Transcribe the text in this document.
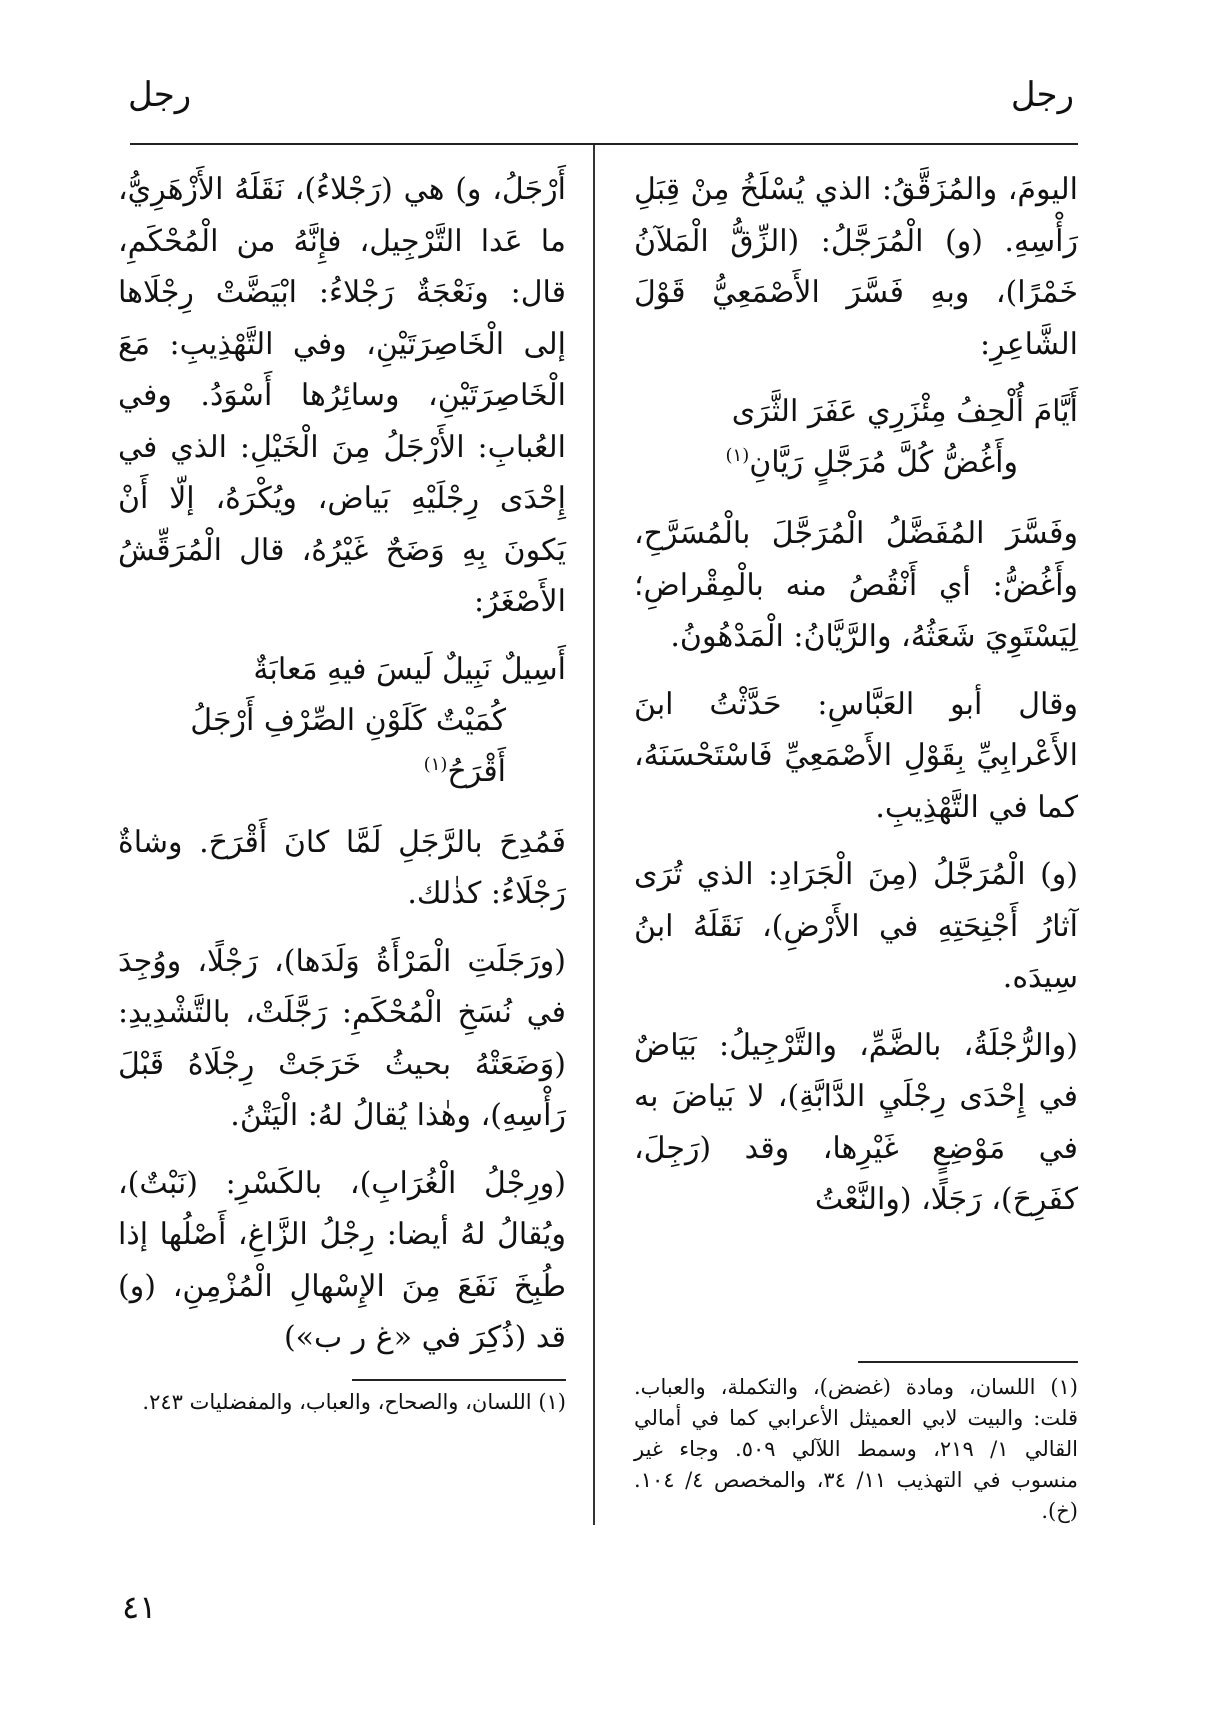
رجل
رجل

اليومَ، والمُزَقَّقُ: الذي يُسْلَخُ مِنْ قِبَلِ رَأْسِهِ. (و) الْمُرَجَّلُ: (الزِّقُّ الْمَلآنُ خَمْرًا)، وبهِ فَسَّرَ الأَصْمَعِيُّ قَوْلَ الشَّاعِرِ:

أَيَّامَ أُلْحِفُ مِئْزَرِي عَفَرَ الثَّرَى

وأَغُضُّ كُلَّ مُرَجَّلٍ رَيَّانِ$^{(١)}$

وفَسَّرَ المُفَضَّلُ الْمُرَجَّلَ بالْمُسَرَّحِ، وأَغُضُّ: أي أَنْقُصُ منه بالْمِقْراضِ؛ لِيَسْتَوِيَ شَعَثُهُ، والرَّيَّانُ: الْمَدْهُونُ.

وقال أبو العَبَّاسِ: حَدَّثْتُ ابنَ الأَعْرابِيِّ بِقَوْلِ الأَصْمَعِيِّ فَاسْتَحْسَنَهُ، كما في التَّهْذِيبِ.

(و) الْمُرَجَّلُ (مِنَ الْجَرَادِ: الذي تُرَى آثارُ أَجْنِحَتِهِ في الأَرْضِ)، نَقَلَهُ ابنُ سِيدَه.

(والرُّجْلَةُ، بالضَّمِّ، والتَّرْجِيلُ: بَيَاضٌ في إِحْدَى رِجْلَيِ الدَّابَّةِ)، لا بَياضَ به في مَوْضِعٍ غَيْرِها، وقد (رَجِلَ، كفَرِحَ)، رَجَلًا، (والنَّعْتُ

(١) اللسان، ومادة (غضض)، والتكملة، والعباب. قلت: والبيت لابي العميثل الأعرابي كما في أمالي القالي ١/ ٢١٩، وسمط اللآلي ٥٠٩. وجاء غير منسوب في التهذيب ١١/ ٣٤، والمخصص ٤/ ١٠٤.(خ).

أَرْجَلُ، و) هي (رَجْلاءُ)، نَقَلَهُ الأَزْهَرِيُّ، ما عَدا التَّرْجِيل، فإِنَّهُ من الْمُحْكَمِ، قال: ونَعْجَةٌ رَجْلاءُ: ابْيَضَّتْ رِجْلَاها إلى الْخَاصِرَتَيْنِ، وفي التَّهْذِيبِ: مَعَ الْخَاصِرَتَيْنِ، وسائِرُها أَسْوَدُ. وفي العُبابِ: الأَرْجَلُ مِنَ الْخَيْلِ: الذي في إِحْدَى رِجْلَيْهِ بَياض، ويُكْرَهُ، إلّا أَنْ يَكونَ بِهِ وَضَحٌ غَيْرُهُ، قال الْمُرَقِّشُ الأَصْغَرُ:

أَسِيلٌ نَبِيلٌ لَيسَ فيهِ مَعابَةٌ

كُمَيْتٌ كَلَوْنِ الصِّرْفِ أَرْجَلُ أَقْرَحُ$^{(١)}$

فَمُدِحَ بالرَّجَلِ لَمَّا كانَ أَقْرَحَ. وشاةٌ رَجْلَاءُ: كذٰلك.

(ورَجَلَتِ الْمَرْأَةُ وَلَدَها)، رَجْلًا، ووُجِدَ في نُسَخِ الْمُحْكَمِ: رَجَّلَتْ، بالتَّشْدِيدِ: (وَضَعَتْهُ بحيثُ خَرَجَتْ رِجْلَاهُ قَبْلَ رَأْسِهِ)، وهٰذا يُقالُ لهُ: الْيَتْنُ.

(ورِجْلُ الْغُرَابِ)، بالكَسْرِ: (نَبْتٌ)، ويُقالُ لهُ أيضا: رِجْلُ الزَّاغِ، أَصْلُها إذا طُبِخَ نَفَعَ مِنَ الإِسْهالِ الْمُزْمِنِ، (و) قد (ذُكِرَ في «غ ر ب»)

(١) اللسان، والصحاح، والعباب، والمفضليات ٢٤٣.
٤١
